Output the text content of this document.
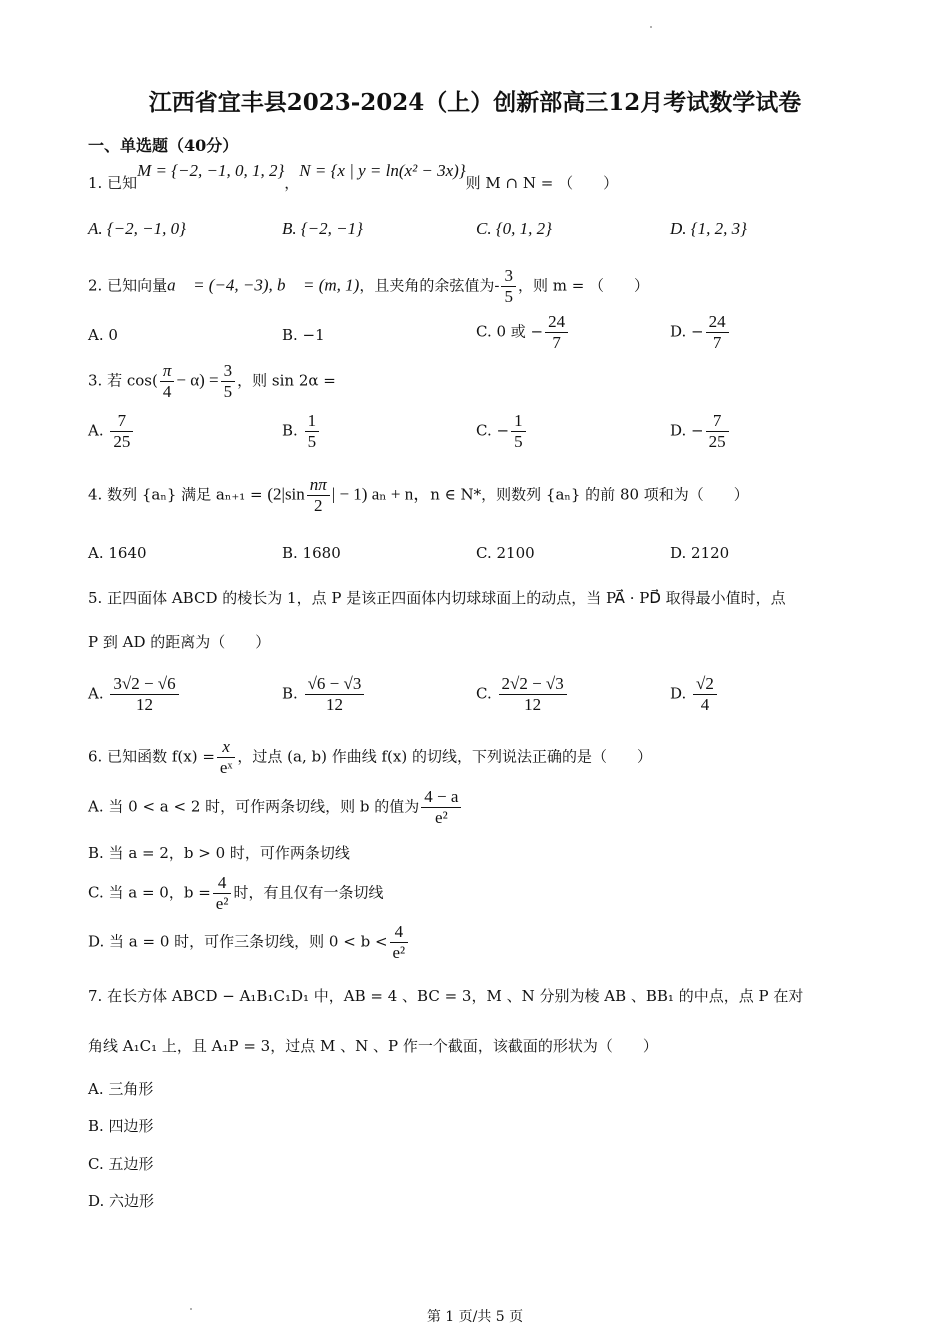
江西省宜丰县2023-2024（上）创新部高三12月考试数学试卷
一、单选题（40分）
1. 已知M = {−2, −1, 0, 1, 2}，N = {x | y = ln(x² − 3x)}则 M ∩ N = （　　）
A. {−2, −1, 0}	B. {−2, −1}	C. {0, 1, 2}	D. {1, 2, 3}
2. 已知向量a⃗ = (−4, −3), b⃗ = (m, 1)，且夹角的余弦值为- $\frac{3}{5}$ ，则 m = （　　）
A. 0	B. −1	C. 0 或 − $\frac{24}{7}$	D. − $\frac{24}{7}$
3. 若 $\cos( \frac{\pi}{4} - \alpha) = \frac{3}{5}$ ，则 sin 2α =
A. $\frac{7}{25}$	B. $\frac{1}{5}$	C. − $\frac{1}{5}$	D. − $\frac{7}{25}$
4. 数列 {aₙ} 满足 $a_{n+1} = (2|\sin \frac{n\pi}{2}$ | − 1) aₙ + n，n ∈ N*，则数列 {aₙ} 的前 80 项和为（　　）
A. 1640	B. 1680	C. 2100	D. 2120
5. 正四面体 ABCD 的棱长为 1，点 P 是该正四面体内切球球面上的动点，当 PA⃗ · PD⃗ 取得最小值时，点
P 到 AD 的距离为（　　）
A. $\frac{3√2 - √6}{12}$	B. $\frac{√6 - √3}{12}$	C. $\frac{2√2 - √3}{12}$	D. $\frac{√2}{4}$
6. 已知函数 $f(x) = \frac{x}{\text{eˣ}}$ ，过点 (a, b) 作曲线 f(x) 的切线，下列说法正确的是（　　）
A. 当 0 < a < 2 时，可作两条切线，则 b 的值为 $\frac{4 - a}{\text{e²}}$
B. 当 a = 2，b > 0 时，可作两条切线
C. 当 a = 0，$b = \frac{4}{\text{e²}}$ 时，有且仅有一条切线
D. 当 a = 0 时，可作三条切线，则 $0 < b < \frac{4}{\text{e²}}$
7. 在长方体 ABCD − A₁B₁C₁D₁ 中，AB = 4 、BC = 3，M 、N 分别为棱 AB 、BB₁ 的中点，点 P 在对
角线 A₁C₁ 上，且 A₁P = 3，过点 M 、N 、P 作一个截面，该截面的形状为（　　）
A. 三角形
B. 四边形
C. 五边形
D. 六边形
第 1 页/共 5 页
